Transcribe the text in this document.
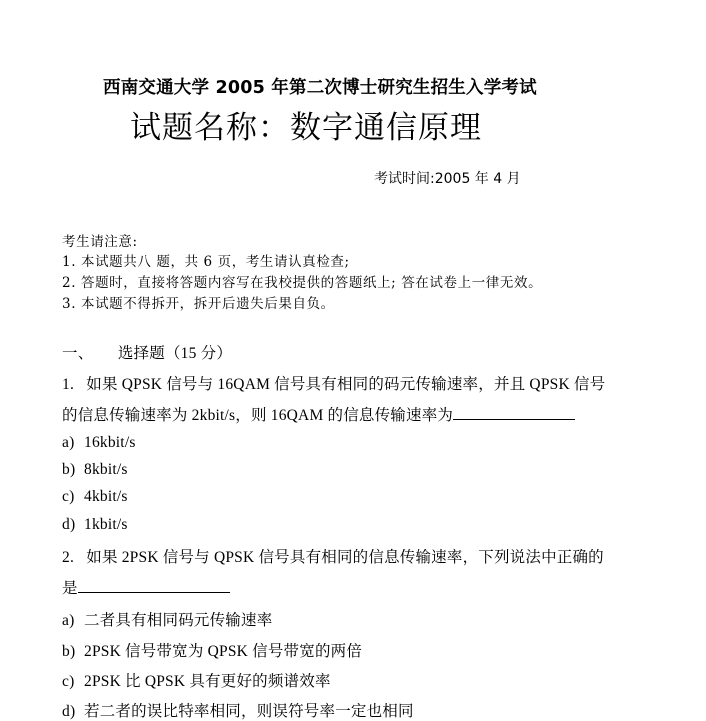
西南交通大学 2005 年第二次博士研究生招生入学考试
试题名称：数字通信原理
考试时间:2005 年 4 月
考生请注意:
1. 本试题共八 题，共 6 页，考生请认真检查;
2. 答题时，直接将答题内容写在我校提供的答题纸上; 答在试卷上一律无效。
3. 本试题不得拆开，拆开后遗失后果自负。
一、      选择题（15 分）
1.   如果 QPSK 信号与 16QAM 信号具有相同的码元传输速率，并且 QPSK 信号
的信息传输速率为 2kbit/s，则 16QAM 的信息传输速率为
a) 16kbit/s
b) 8kbit/s
c) 4kbit/s
d) 1kbit/s
2.   如果 2PSK 信号与 QPSK 信号具有相同的信息传输速率，下列说法中正确的
是
a) 二者具有相同码元传输速率
b) 2PSK 信号带宽为 QPSK 信号带宽的两倍
c) 2PSK 比 QPSK 具有更好的频谱效率
d) 若二者的误比特率相同，则误符号率一定也相同
